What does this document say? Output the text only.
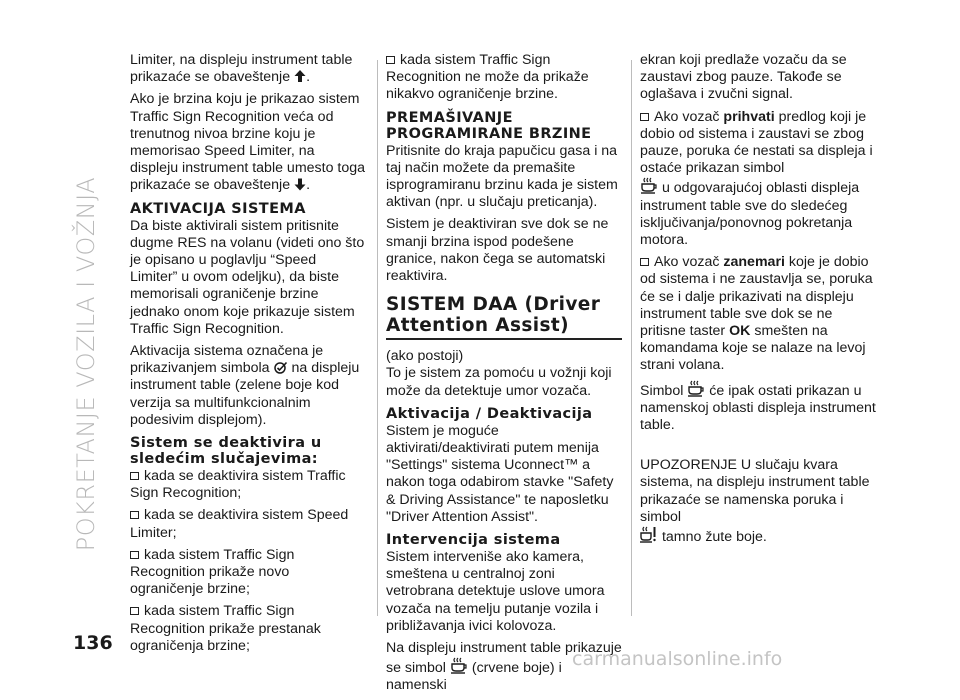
POKRETANJE VOZILA I VOŽNJA

Limiter, na displeju instrument table prikazaće se obaveštenje .

Ako je brzina koju je prikazao sistem Traffic Sign Recognition veća od trenutnog nivoa brzine koju je memorisao Speed Limiter, na displeju instrument table umesto toga prikazaće se obaveštenje .

AKTIVACIJA SISTEMA

Da biste aktivirali sistem pritisnite dugme RES na volanu (videti ono što je opisano u poglavlju “Speed Limiter” u ovom odeljku), da biste memorisali ograničenje brzine jednako onom koje prikazuje sistem Traffic Sign Recognition.

Aktivacija sistema označena je prikazivanjem simbola na displeju instrument table (zelene boje kod verzija sa multifunkcionalnim podesivim displejom).

Sistem se deaktivira u sledećim slučajevima:

kada se deaktivira sistem Traffic Sign Recognition;

kada se deaktivira sistem Speed Limiter;

kada sistem Traffic Sign Recognition prikaže novo ograničenje brzine;

kada sistem Traffic Sign Recognition prikaže prestanak ograničenja brzine;

kada sistem Traffic Sign Recognition ne može da prikaže nikakvo ograničenje brzine.

PREMAŠIVANJE PROGRAMIRANE BRZINE

Pritisnite do kraja papučicu gasa i na taj način možete da premašite isprogramiranu brzinu kada je sistem aktivan (npr. u slučaju preticanja).

Sistem je deaktiviran sve dok se ne smanji brzina ispod podešene granice, nakon čega se automatski reaktivira.

SISTEM DAA (Driver Attention Assist)

(ako postoji)

To je sistem za pomoću u vožnji koji može da detektuje umor vozača.

Aktivacija / Deaktivacija

Sistem je moguće aktivirati/deaktivirati putem menija "Settings" sistema Uconnect™ a nakon toga odabirom stavke "Safety & Driving Assistance" te naposletku "Driver Attention Assist".

Intervencija sistema

Sistem interveniše ako kamera, smeštena u centralnoj zoni vetrobrana detektuje uslove umora vozača na temelju putanje vozila i približavanja ivici kolovoza.

Na displeju instrument table prikazuje se simbol (crvene boje) i namenski

ekran koji predlaže vozaču da se zaustavi zbog pauze. Takođe se oglašava i zvučni signal.

Ako vozač prihvati predlog koji je dobio od sistema i zaustavi se zbog pauze, poruka će nestati sa displeja i ostaće prikazan simbol
u odgovarajućoj oblasti displeja instrument table sve do sledećeg isključivanja/ponovnog pokretanja motora.

Ako vozač zanemari koje je dobio od sistema i ne zaustavlja se, poruka će se i dalje prikazivati na displeju instrument table sve dok se ne pritisne taster OK smešten na komandama koje se nalaze na levoj strani volana.

Simbol će ipak ostati prikazan u namenskoj oblasti displeja instrument table.

UPOZORENJE U slučaju kvara sistema, na displeju instrument table prikazaće se namenska poruka i simbol
tamno žute boje.

136
carmanualsonline.info
